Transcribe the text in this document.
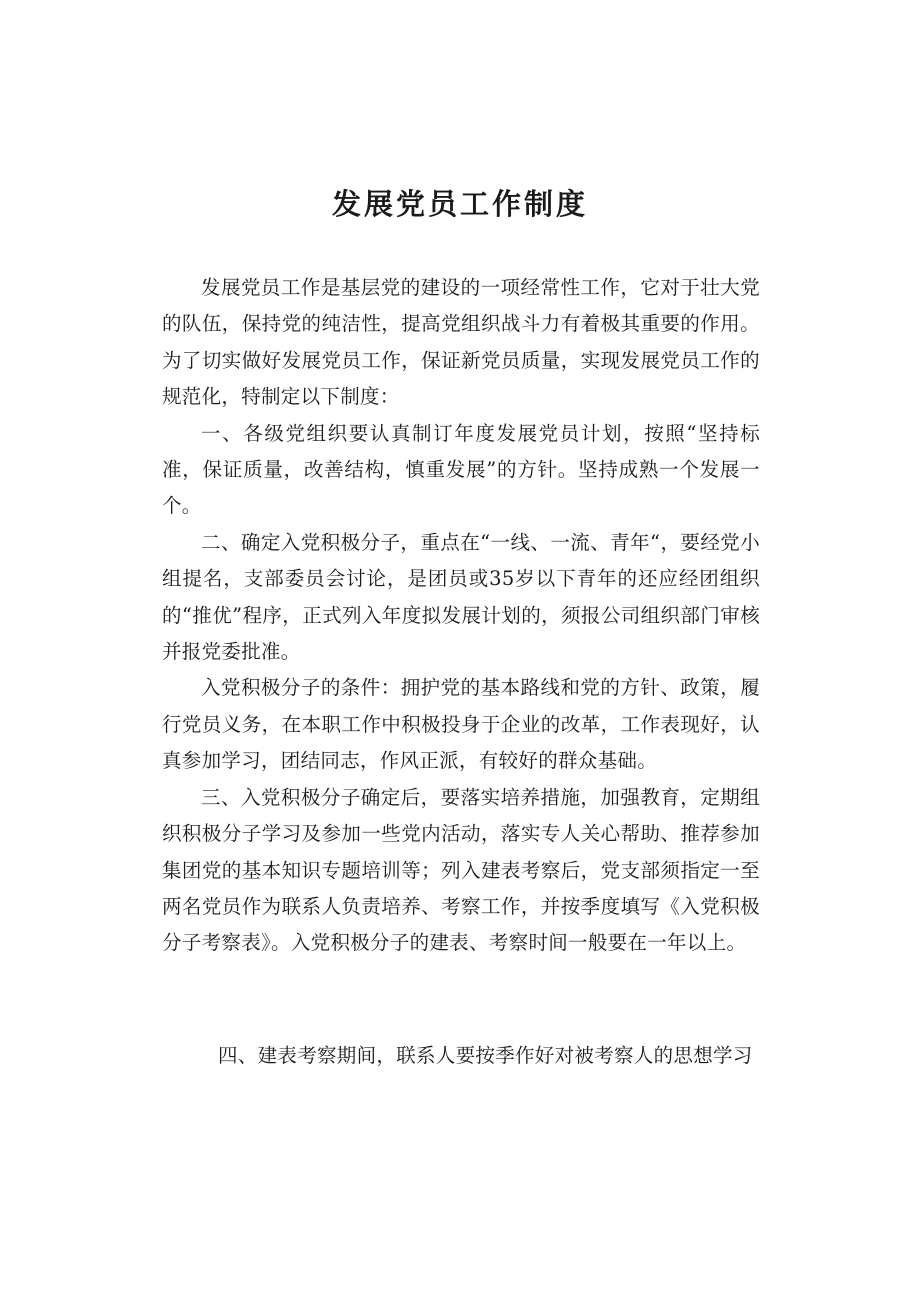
发展党员工作制度

发展党员工作是基层党的建设的一项经常性工作，它对于壮大党的队伍，保持党的纯洁性，提高党组织战斗力有着极其重要的作用。为了切实做好发展党员工作，保证新党员质量，实现发展党员工作的规范化，特制定以下制度：

一、各级党组织要认真制订年度发展党员计划，按照“坚持标准，保证质量，改善结构，慎重发展”的方针。坚持成熟一个发展一个。

二、确定入党积极分子，重点在“一线、一流、青年“，要经党小组提名，支部委员会讨论，是团员或35岁以下青年的还应经团组织的“推优”程序，正式列入年度拟发展计划的，须报公司组织部门审核并报党委批准。

入党积极分子的条件：拥护党的基本路线和党的方针、政策，履行党员义务，在本职工作中积极投身于企业的改革，工作表现好，认真参加学习，团结同志，作风正派，有较好的群众基础。

三、入党积极分子确定后，要落实培养措施，加强教育，定期组织积极分子学习及参加一些党内活动，落实专人关心帮助、推荐参加集团党的基本知识专题培训等；列入建表考察后，党支部须指定一至两名党员作为联系人负责培养、考察工作，并按季度填写《入党积极分子考察表》。入党积极分子的建表、考察时间一般要在一年以上。

四、建表考察期间，联系人要按季作好对被考察人的思想学习
